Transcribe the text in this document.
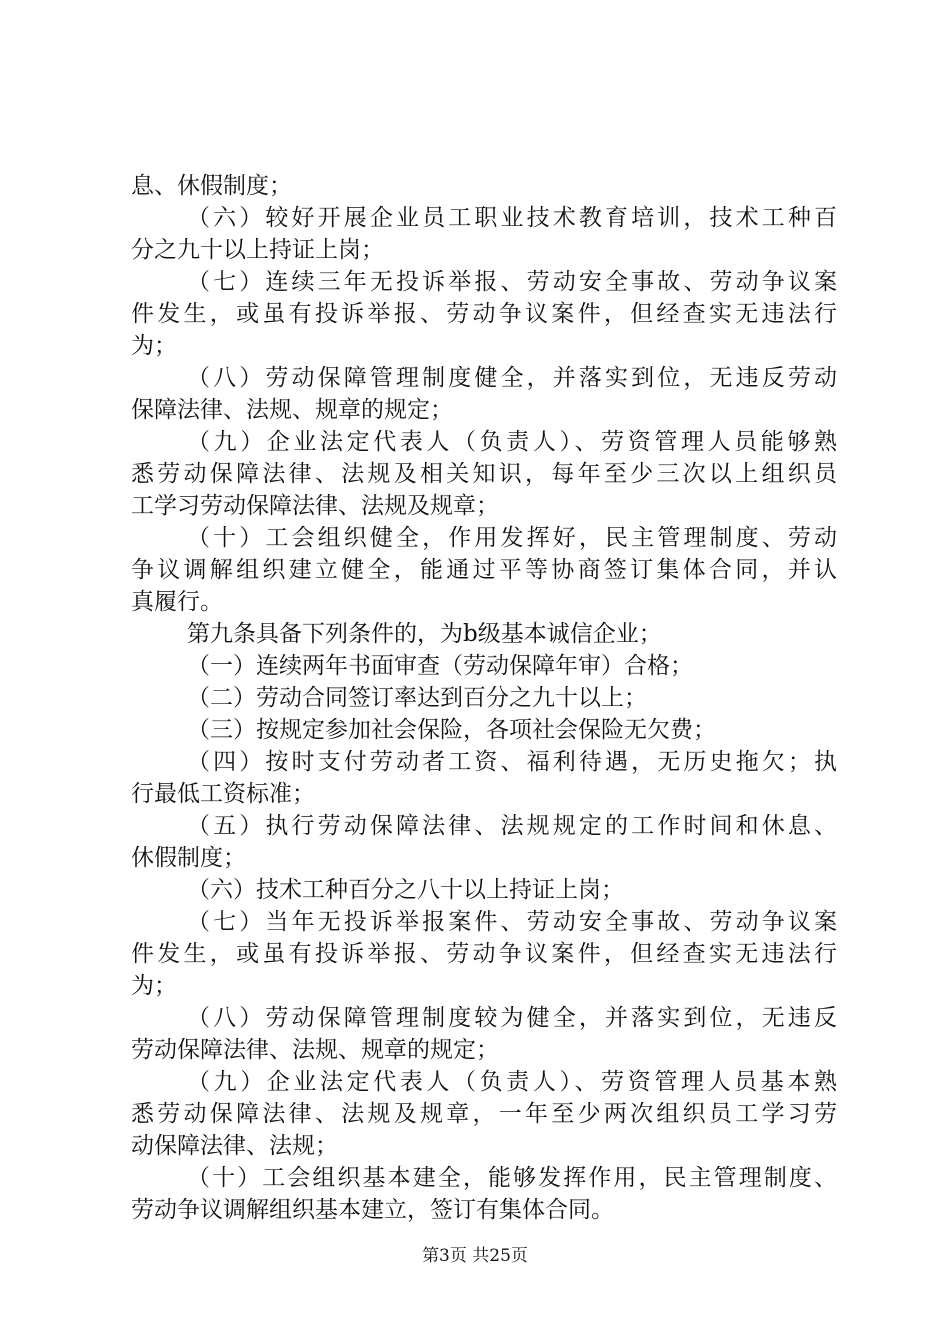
息、休假制度；
（六）较好开展企业员工职业技术教育培训，技术工种百
分之九十以上持证上岗；
（七）连续三年无投诉举报、劳动安全事故、劳动争议案
件发生，或虽有投诉举报、劳动争议案件，但经查实无违法行
为；
（八）劳动保障管理制度健全，并落实到位，无违反劳动
保障法律、法规、规章的规定；
（九）企业法定代表人（负责人）、劳资管理人员能够熟
悉劳动保障法律、法规及相关知识，每年至少三次以上组织员
工学习劳动保障法律、法规及规章；
（十）工会组织健全，作用发挥好，民主管理制度、劳动
争议调解组织建立健全，能通过平等协商签订集体合同，并认
真履行。
第九条具备下列条件的，为b级基本诚信企业；
（一）连续两年书面审查（劳动保障年审）合格；
（二）劳动合同签订率达到百分之九十以上；
（三）按规定参加社会保险，各项社会保险无欠费；
（四）按时支付劳动者工资、福利待遇，无历史拖欠；执
行最低工资标准；
（五）执行劳动保障法律、法规规定的工作时间和休息、
休假制度；
（六）技术工种百分之八十以上持证上岗；
（七）当年无投诉举报案件、劳动安全事故、劳动争议案
件发生，或虽有投诉举报、劳动争议案件，但经查实无违法行
为；
（八）劳动保障管理制度较为健全，并落实到位，无违反
劳动保障法律、法规、规章的规定；
（九）企业法定代表人（负责人）、劳资管理人员基本熟
悉劳动保障法律、法规及规章，一年至少两次组织员工学习劳
动保障法律、法规；
（十）工会组织基本建全，能够发挥作用，民主管理制度、
劳动争议调解组织基本建立，签订有集体合同。
第3页 共25页
